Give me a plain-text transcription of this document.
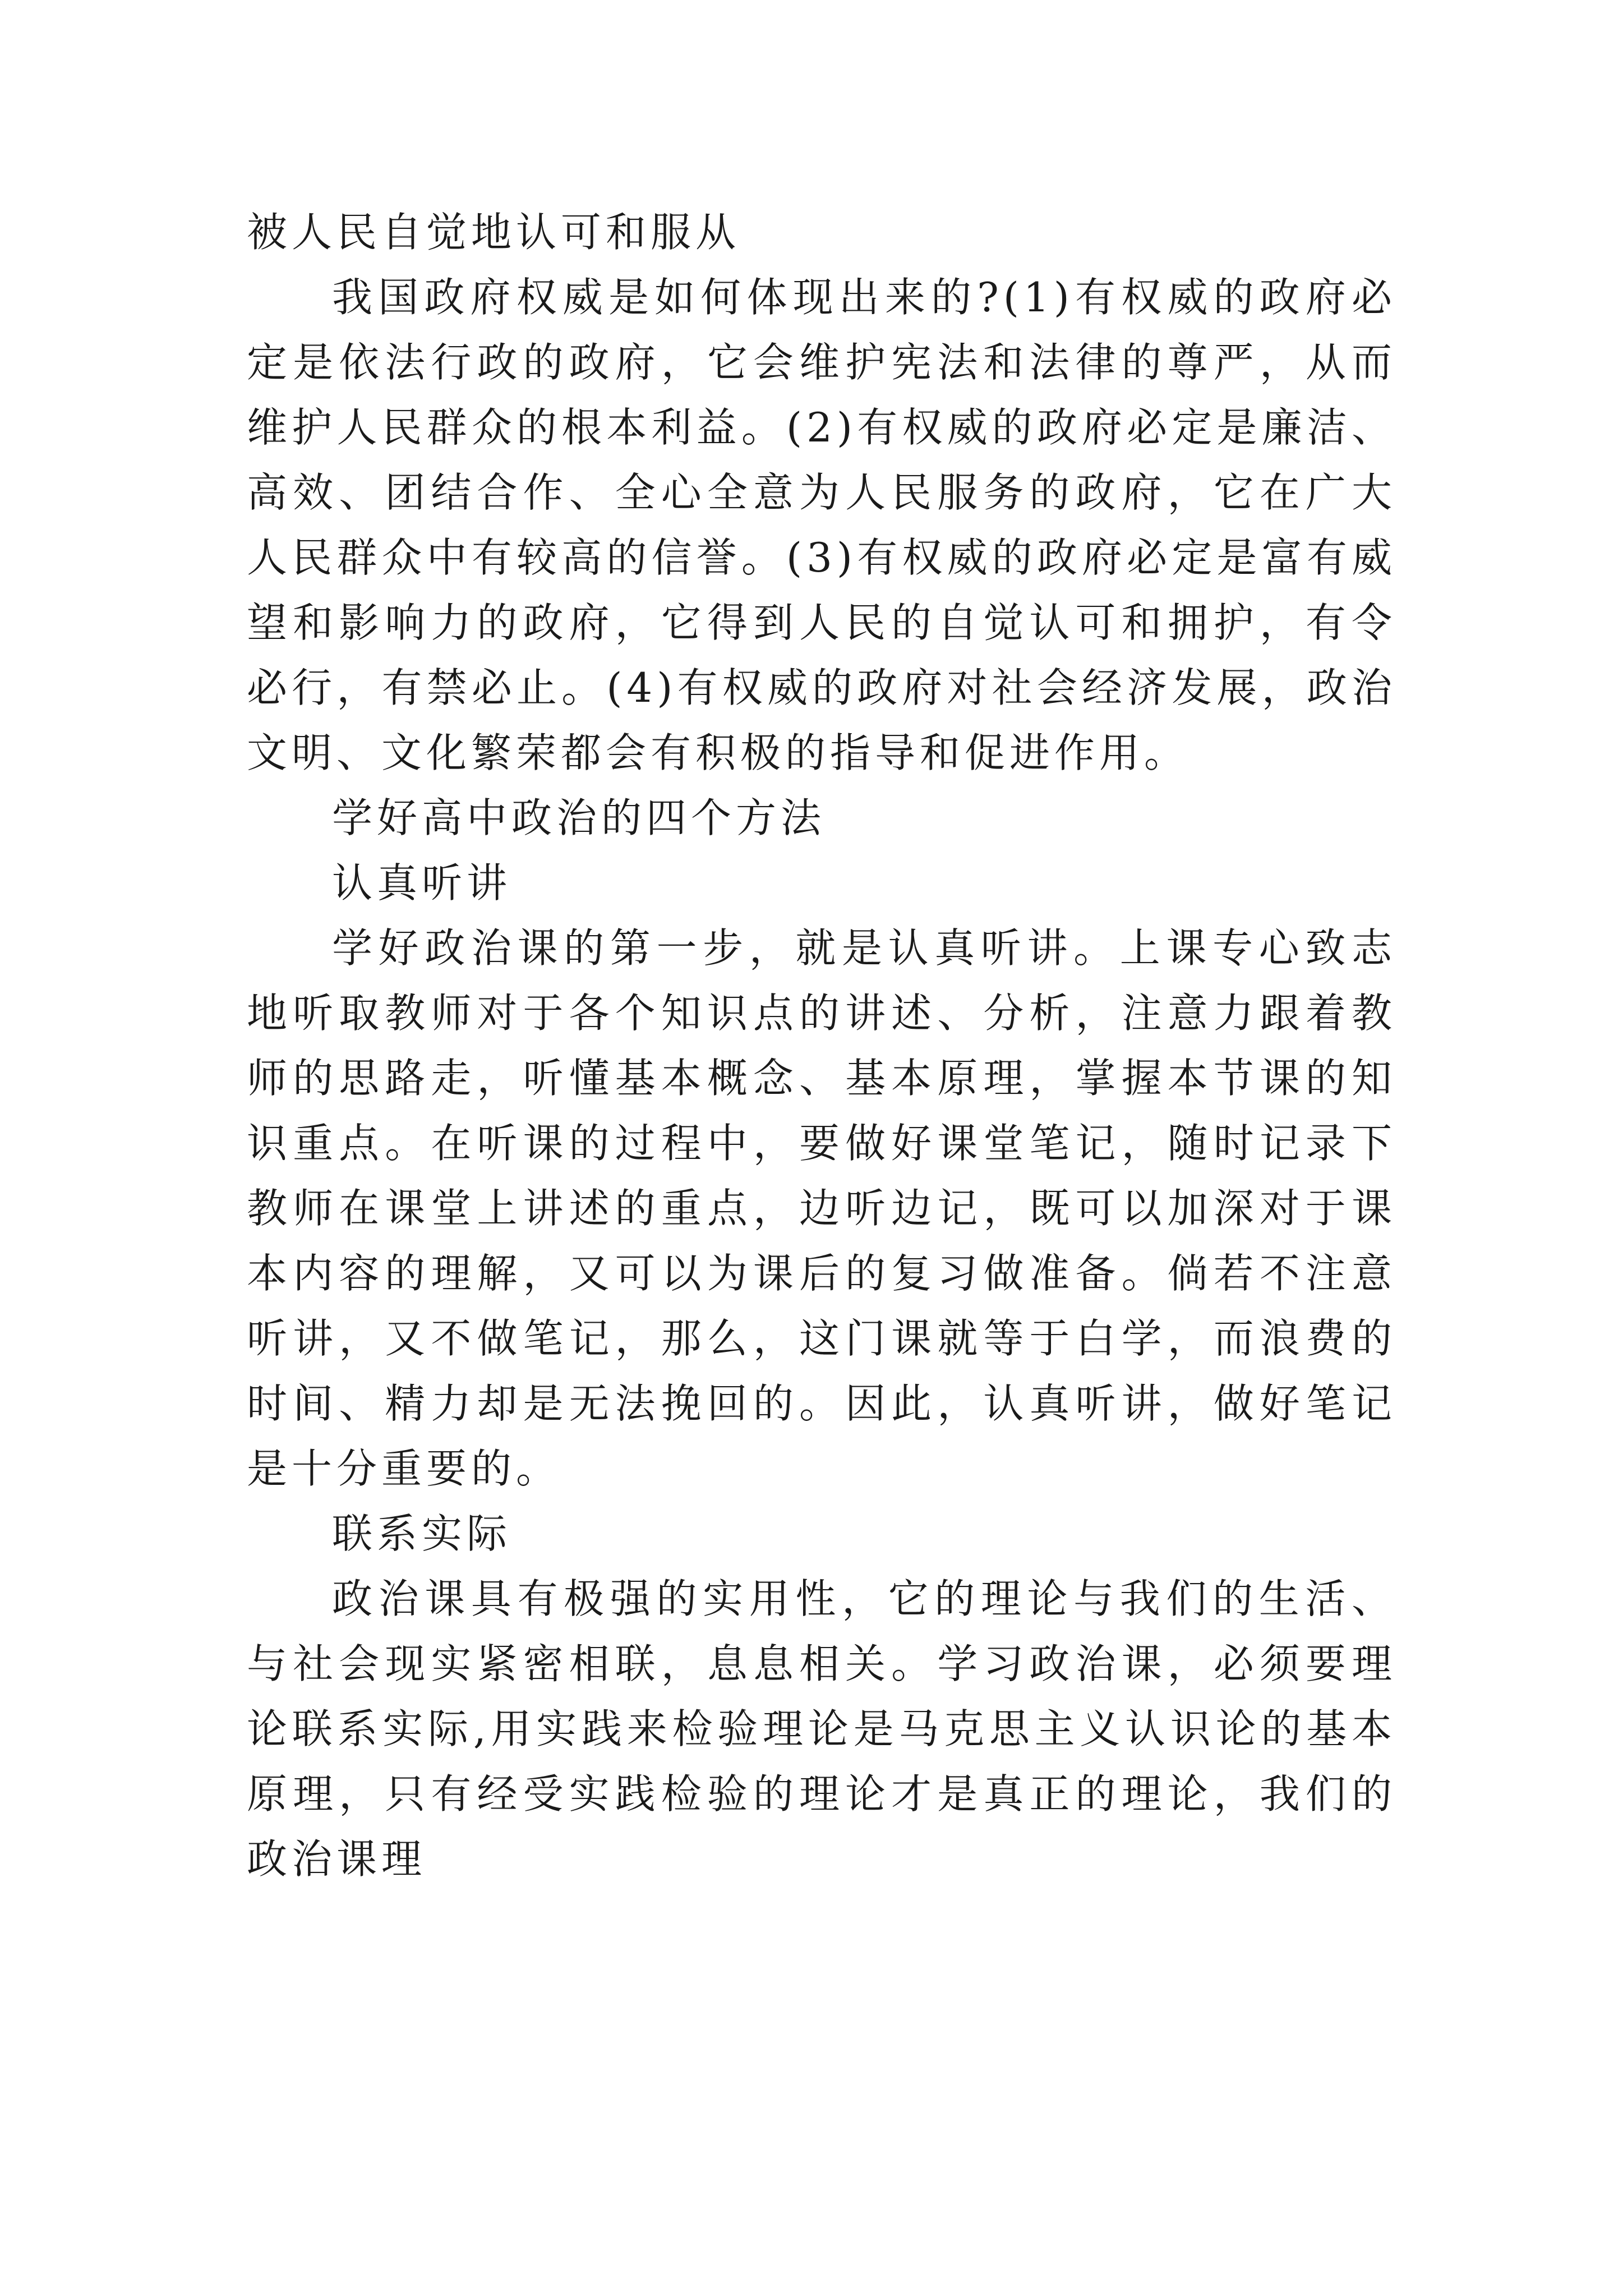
被人民自觉地认可和服从

我国政府权威是如何体现出来的?(1)有权威的政府必定是依法行政的政府，它会维护宪法和法律的尊严，从而维护人民群众的根本利益。(2)有权威的政府必定是廉洁、高效、团结合作、全心全意为人民服务的政府，它在广大人民群众中有较高的信誉。(3)有权威的政府必定是富有威望和影响力的政府，它得到人民的自觉认可和拥护，有令必行，有禁必止。(4)有权威的政府对社会经济发展，政治文明、文化繁荣都会有积极的指导和促进作用。

学好高中政治的四个方法

认真听讲

学好政治课的第一步，就是认真听讲。上课专心致志地听取教师对于各个知识点的讲述、分析，注意力跟着教师的思路走，听懂基本概念、基本原理，掌握本节课的知识重点。在听课的过程中，要做好课堂笔记，随时记录下教师在课堂上讲述的重点，边听边记，既可以加深对于课本内容的理解，又可以为课后的复习做准备。倘若不注意听讲，又不做笔记，那么，这门课就等于白学，而浪费的时间、精力却是无法挽回的。因此，认真听讲，做好笔记是十分重要的。

联系实际

政治课具有极强的实用性，它的理论与我们的生活、与社会现实紧密相联，息息相关。学习政治课，必须要理论联系实际,用实践来检验理论是马克思主义认识论的基本原理，只有经受实践检验的理论才是真正的理论，我们的政治课理
